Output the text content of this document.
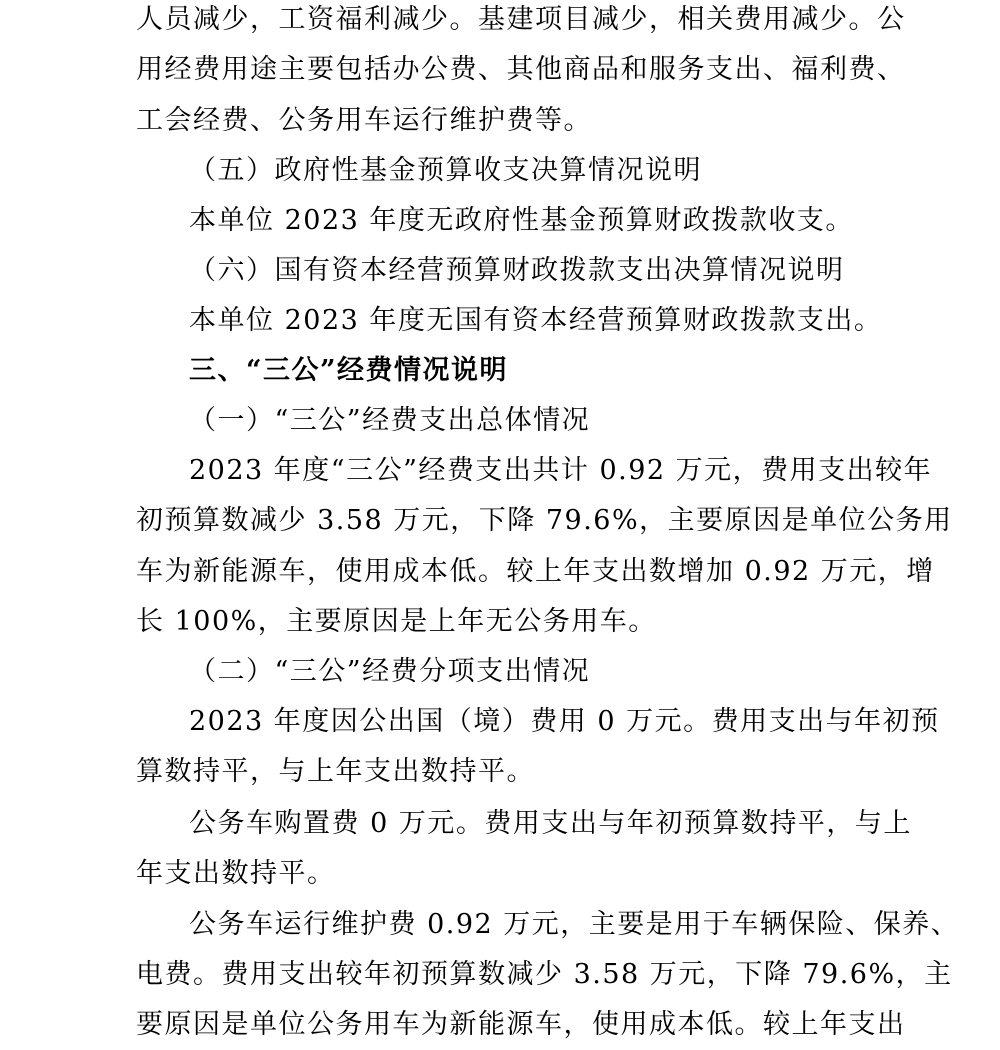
人员减少，工资福利减少。基建项目减少，相关费用减少。公
用经费用途主要包括办公费、其他商品和服务支出、福利费、
工会经费、公务用车运行维护费等。
（五）政府性基金预算收支决算情况说明
本单位 2023 年度无政府性基金预算财政拨款收支。
（六）国有资本经营预算财政拨款支出决算情况说明
本单位 2023 年度无国有资本经营预算财政拨款支出。
三、“三公”经费情况说明
（一）“三公”经费支出总体情况
2023 年度“三公”经费支出共计 0.92 万元，费用支出较年
初预算数减少 3.58 万元，下降 79.6%，主要原因是单位公务用
车为新能源车，使用成本低。较上年支出数增加 0.92 万元，增
长 100%，主要原因是上年无公务用车。
（二）“三公”经费分项支出情况
2023 年度因公出国（境）费用 0 万元。费用支出与年初预
算数持平，与上年支出数持平。
公务车购置费 0 万元。费用支出与年初预算数持平，与上
年支出数持平。
公务车运行维护费 0.92 万元，主要是用于车辆保险、保养、
电费。费用支出较年初预算数减少 3.58 万元，下降 79.6%，主
要原因是单位公务用车为新能源车，使用成本低。较上年支出
